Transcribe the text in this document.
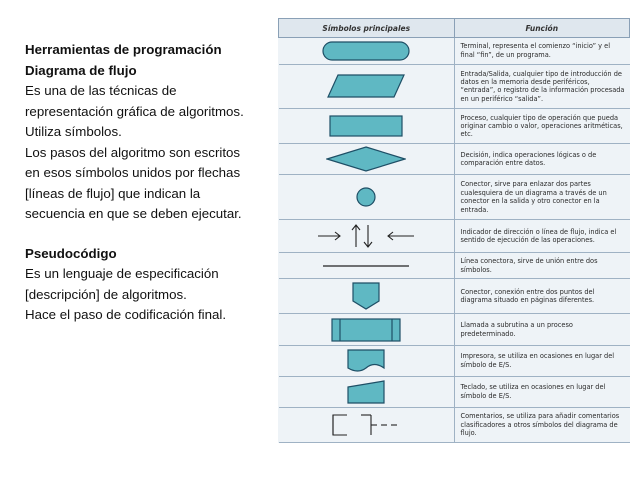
Herramientas de programación

Diagrama de flujo

Es una de las técnicas de

representación gráfica de algoritmos.

Utiliza símbolos.

Los pasos del algoritmo son escritos

en esos símbolos unidos por flechas

[líneas de flujo] que indican la

secuencia en que se deben ejecutar.

Pseudocódigo

Es un lenguaje de especificación

[descripción] de algoritmos.

Hace el paso de codificación final.

Símbolos principales	Función

	Terminal, representa el comienzo “inicio” y el final “fin”, de un programa.

	Entrada/Salida, cualquier tipo de introducción de datos en la memoria desde periféricos, “entrada”, o registro de la información procesada en un periférico “salida”.

	Proceso, cualquier tipo de operación que pueda originar cambio o valor, operaciones aritméticas, etc.

	Decisión, indica operaciones lógicas o de comparación entre datos.

	Conector, sirve para enlazar dos partes cualesquiera de un diagrama a través de un conector en la salida y otro conector en la entrada.

	Indicador de dirección o línea de flujo, indica el sentido de ejecución de las operaciones.

	Línea conectora, sirve de unión entre dos símbolos.

	Conector, conexión entre dos puntos del diagrama situado en páginas diferentes.

	Llamada a subrutina a un proceso predeterminado.

	Impresora, se utiliza en ocasiones en lugar del símbolo de E/S.

	Teclado, se utiliza en ocasiones en lugar del símbolo de E/S.

	Comentarios, se utiliza para añadir comentarios clasificadores a otros símbolos del diagrama de flujo.
